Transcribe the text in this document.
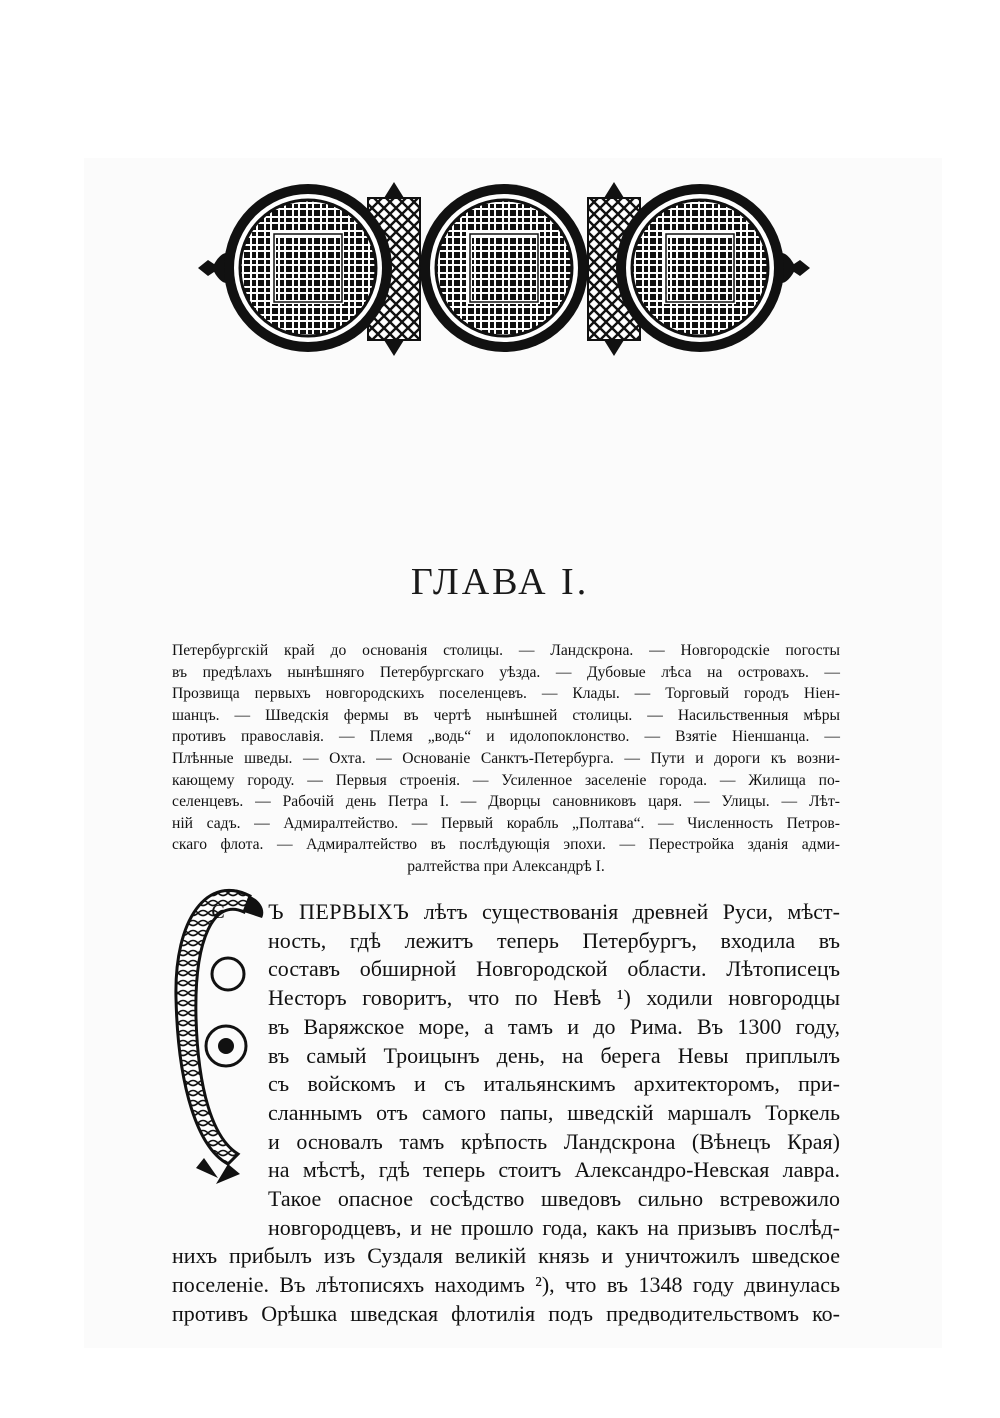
ГЛАВА I.
Петербургскій край до основанія столицы. — Ландскрона. — Новгородскіе погосты
въ предѣлахъ нынѣшняго Петербургскаго уѣзда. — Дубовые лѣса на островахъ. —
Прозвища первыхъ новгородскихъ поселенцевъ. — Клады. — Торговый городъ Ніен-
шанцъ. — Шведскія фермы въ чертѣ нынѣшней столицы. — Насильственныя мѣры
противъ православія. — Племя „водь“ и идолопоклонство. — Взятіе Ніеншанца. —
Плѣнные шведы. — Охта. — Основаніе Санктъ-Петербурга. — Пути и дороги къ возни-
кающему городу. — Первыя строенія. — Усиленное заселеніе города. — Жилища по-
селенцевъ. — Рабочій день Петра I. — Дворцы сановниковъ царя. — Улицы. — Лѣт-
ній садъ. — Адмиралтейство. — Первый корабль „Полтава“. — Численность Петров-
скаго флота. — Адмиралтейство въ послѣдующія эпохи. — Перестройка зданія адми-
ралтейства при Александрѣ I.
С	Ъ ПЕРВЫХЪ лѣтъ существованія древней Руси, мѣст-
ность, гдѣ лежитъ теперь Петербургъ, входила въ
составъ обширной Новгородской области. Лѣтописецъ
Несторъ говоритъ, что по Невѣ ¹) ходили новгородцы
въ Варяжское море, а тамъ и до Рима. Въ 1300 году,
въ самый Троицынъ день, на берега Невы приплылъ
съ войскомъ и съ итальянскимъ архитекторомъ, при-
сланнымъ отъ самого папы, шведскій маршалъ Торкель
и основалъ тамъ крѣпость Ландскрона (Вѣнецъ Края)
на мѣстѣ, гдѣ теперь стоитъ Александро-Невская лавра.
Такое опасное сосѣдство шведовъ сильно встревожило
новгородцевъ, и не прошло года, какъ на призывъ послѣд-
нихъ прибылъ изъ Суздаля великій князь и уничтожилъ шведское
поселеніе. Въ лѣтописяхъ находимъ ²), что въ 1348 году двинулась
противъ Орѣшка шведская флотилія подъ предводительствомъ ко-
